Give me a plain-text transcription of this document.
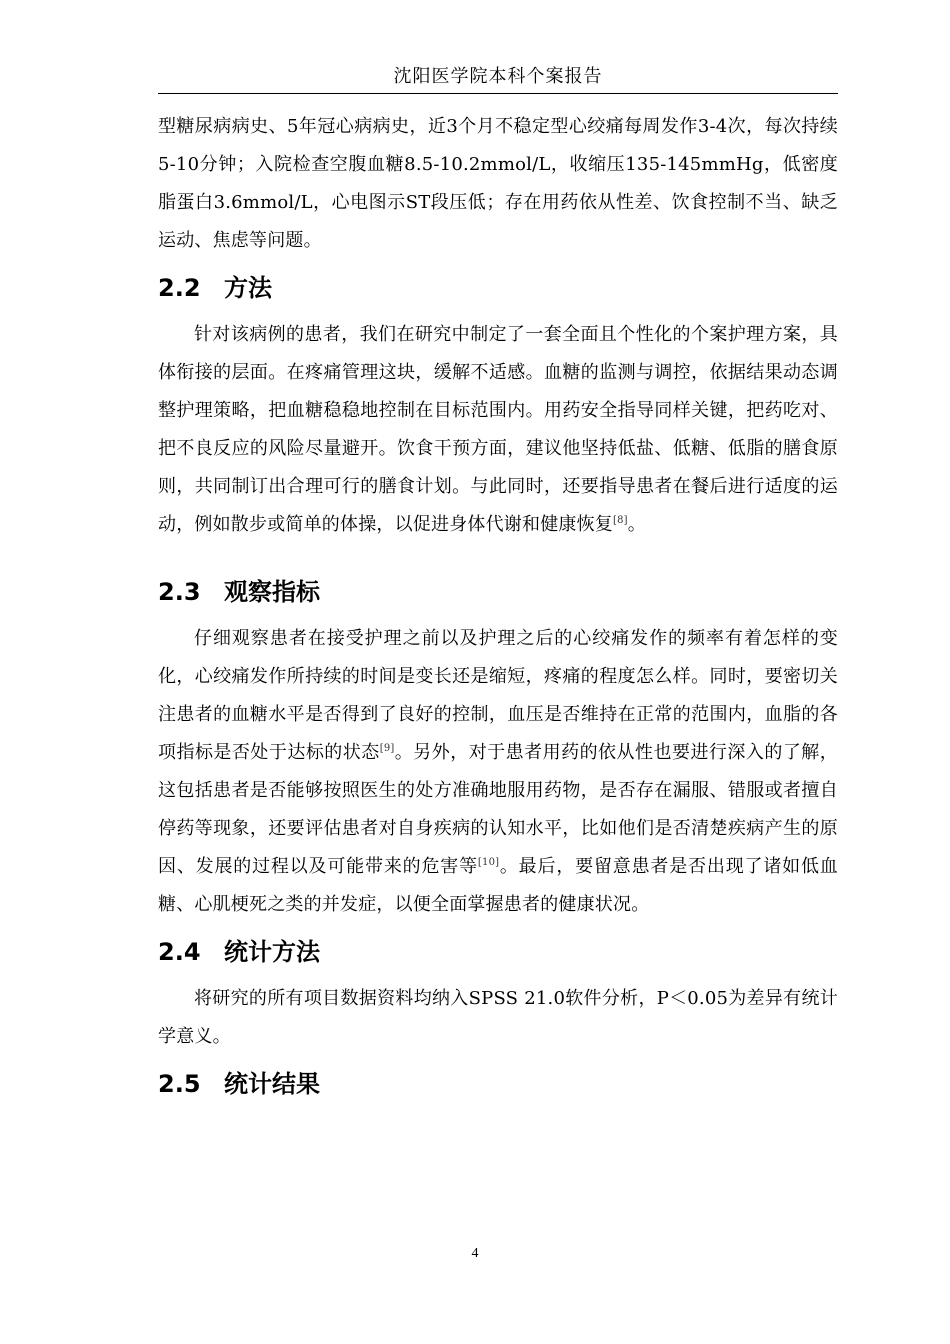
沈阳医学院本科个案报告

型糖尿病病史、5年冠心病病史，近3个月不稳定型心绞痛每周发作3-4次，每次持续5-10分钟；入院检查空腹血糖8.5-10.2mmol/L，收缩压135-145mmHg，低密度脂蛋白3.6mmol/L，心电图示ST段压低；存在用药依从性差、饮食控制不当、缺乏运动、焦虑等问题。

2.2 方法

针对该病例的患者，我们在研究中制定了一套全面且个性化的个案护理方案，具体衔接的层面。在疼痛管理这块，缓解不适感。血糖的监测与调控，依据结果动态调整护理策略，把血糖稳稳地控制在目标范围内。用药安全指导同样关键，把药吃对、把不良反应的风险尽量避开。饮食干预方面，建议他坚持低盐、低糖、低脂的膳食原则，共同制订出合理可行的膳食计划。与此同时，还要指导患者在餐后进行适度的运动，例如散步或简单的体操，以促进身体代谢和健康恢复[8]。

2.3 观察指标

仔细观察患者在接受护理之前以及护理之后的心绞痛发作的频率有着怎样的变化，心绞痛发作所持续的时间是变长还是缩短，疼痛的程度怎么样。同时，要密切关注患者的血糖水平是否得到了良好的控制，血压是否维持在正常的范围内，血脂的各项指标是否处于达标的状态[9]。另外，对于患者用药的依从性也要进行深入的了解，这包括患者是否能够按照医生的处方准确地服用药物，是否存在漏服、错服或者擅自停药等现象，还要评估患者对自身疾病的认知水平，比如他们是否清楚疾病产生的原因、发展的过程以及可能带来的危害等[10]。最后，要留意患者是否出现了诸如低血糖、心肌梗死之类的并发症，以便全面掌握患者的健康状况。

2.4 统计方法

将研究的所有项目数据资料均纳入SPSS 21.0软件分析，P＜0.05为差异有统计学意义。

2.5 统计结果
4
